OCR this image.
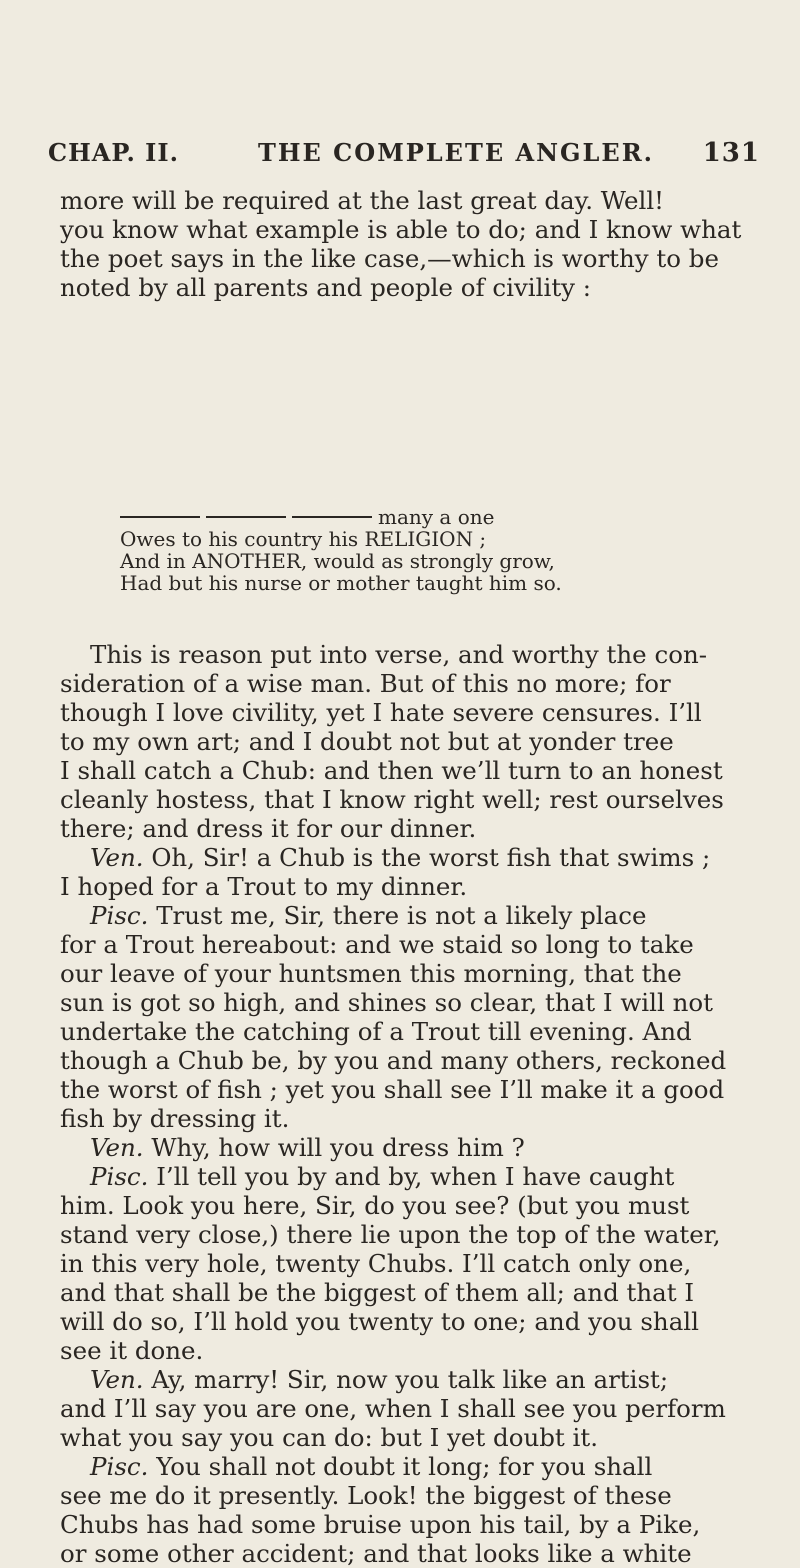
CHAP. II.	THE COMPLETE ANGLER. 131
more will be required at the last great day. Well!
you know what example is able to do; and I know what
the poet says in the like case,—which is worthy to be
noted by all parents and people of civility :
many a one
Owes to his country his RELIGION ;
And in ANOTHER, would as strongly grow,
Had but his nurse or mother taught him so.
This is reason put into verse, and worthy the con-
sideration of a wise man. But of this no more; for
though I love civility, yet I hate severe censures. I’ll
to my own art; and I doubt not but at yonder tree
I shall catch a Chub: and then we’ll turn to an honest
cleanly hostess, that I know right well; rest ourselves
there; and dress it for our dinner.
Ven. Oh, Sir! a Chub is the worst fish that swims ;
I hoped for a Trout to my dinner.
Pisc. Trust me, Sir, there is not a likely place
for a Trout hereabout: and we staid so long to take
our leave of your huntsmen this morning, that the
sun is got so high, and shines so clear, that I will not
undertake the catching of a Trout till evening. And
though a Chub be, by you and many others, reckoned
the worst of fish ; yet you shall see I’ll make it a good
fish by dressing it.
Ven. Why, how will you dress him ?
Pisc. I’ll tell you by and by, when I have caught
him. Look you here, Sir, do you see? (but you must
stand very close,) there lie upon the top of the water,
in this very hole, twenty Chubs. I’ll catch only one,
and that shall be the biggest of them all; and that I
will do so, I’ll hold you twenty to one; and you shall
see it done.
Ven. Ay, marry! Sir, now you talk like an artist;
and I’ll say you are one, when I shall see you perform
what you say you can do: but I yet doubt it.
Pisc. You shall not doubt it long; for you shall
see me do it presently. Look! the biggest of these
Chubs has had some bruise upon his tail, by a Pike,
or some other accident; and that looks like a white
